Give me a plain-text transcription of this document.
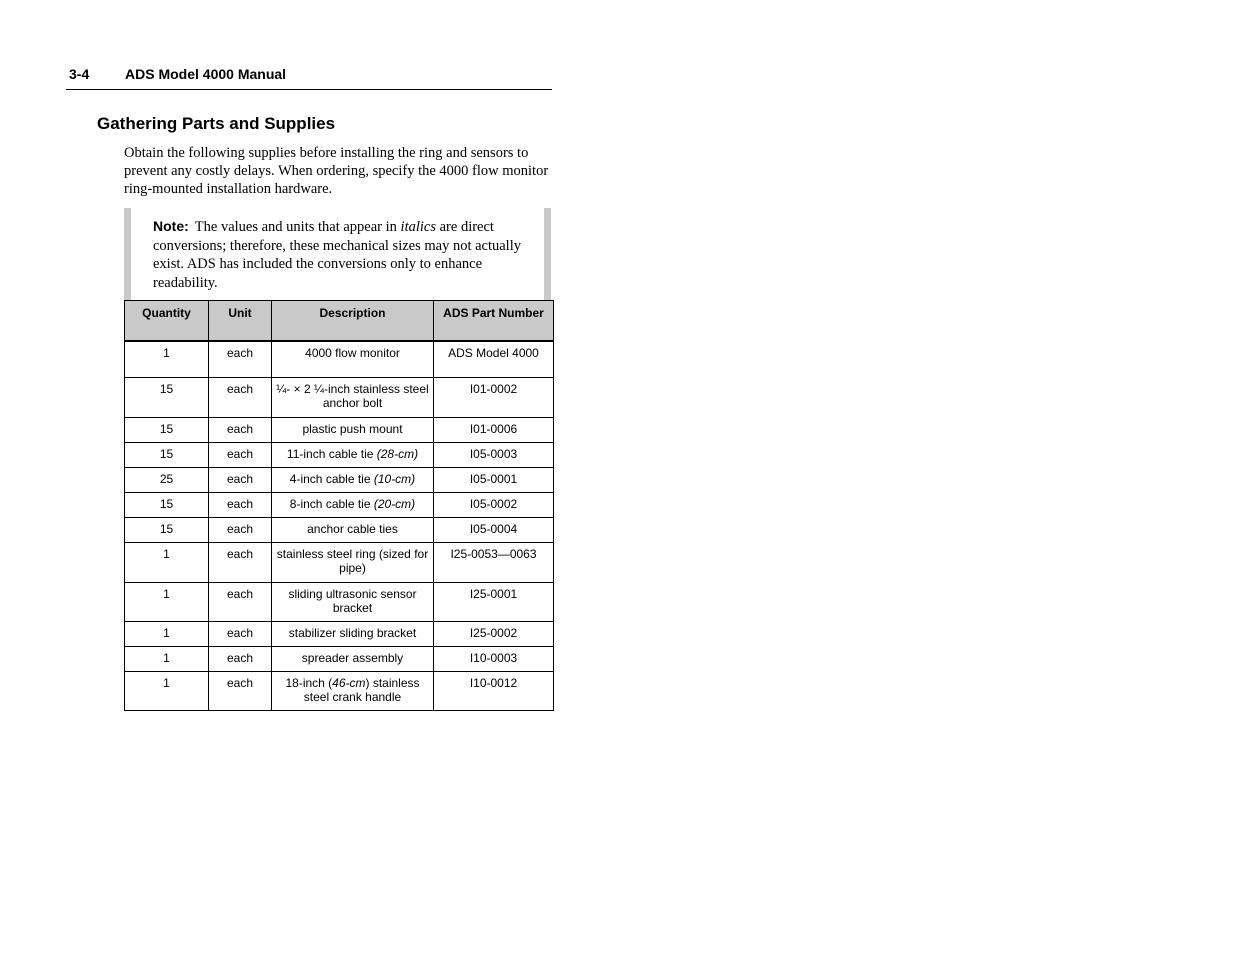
3-4	ADS Model 4000 Manual
Gathering Parts and Supplies

Obtain the following supplies before installing the ring and sensors to prevent any costly delays. When ordering, specify the 4000 flow monitor ring-mounted installation hardware.

Note: The values and units that appear in italics are direct conversions; therefore, these mechanical sizes may not actually exist. ADS has included the conversions only to enhance readability.
Quantity	Unit	Description	ADS Part Number
1	each	4000 flow monitor	ADS Model 4000
15	each	¼- × 2 ¼-inch stainless steel anchor bolt	I01-0002
15	each	plastic push mount	I01-0006
15	each	11-inch cable tie (28-cm)	I05-0003
25	each	4-inch cable tie (10-cm)	I05-0001
15	each	8-inch cable tie (20-cm)	I05-0002
15	each	anchor cable ties	I05-0004
1	each	stainless steel ring (sized for pipe)	I25-0053—0063
1	each	sliding ultrasonic sensor bracket	I25-0001
1	each	stabilizer sliding bracket	I25-0002
1	each	spreader assembly	I10-0003
1	each	18-inch (46-cm) stainless steel crank handle	I10-0012
